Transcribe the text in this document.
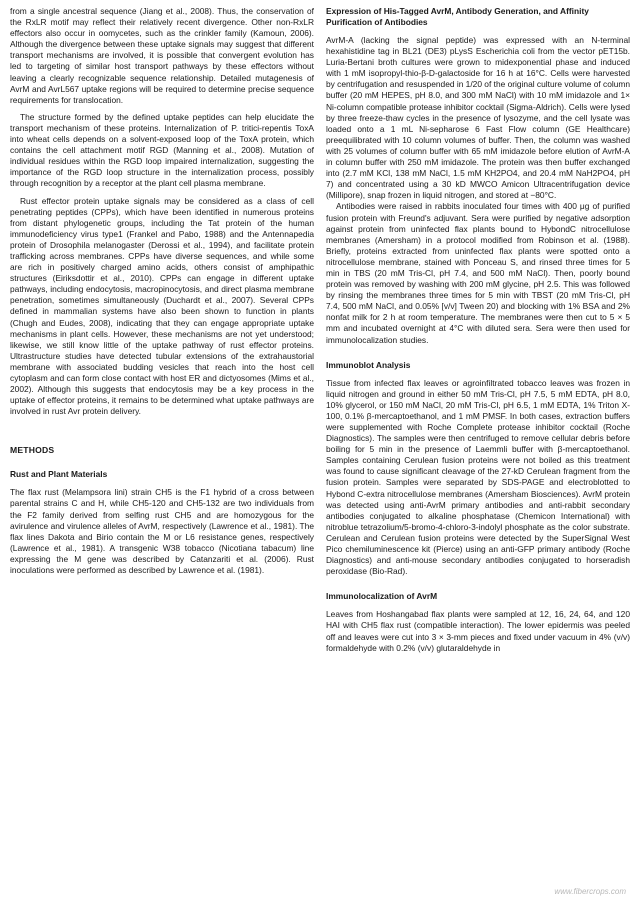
from a single ancestral sequence (Jiang et al., 2008). Thus, the conservation of the RxLR motif may reflect their relatively recent divergence. Other non-RxLR effectors also occur in oomycetes, such as the crinkler family (Kamoun, 2006). Although the divergence between these uptake signals may suggest that different transport mechanisms are involved, it is possible that convergent evolution has led to targeting of similar host transport pathways by these effectors without leaving a clearly recognizable sequence relationship. Detailed mutagenesis of AvrM and AvrL567 uptake regions will be required to determine precise sequence requirements for translocation.

The structure formed by the defined uptake peptides can help elucidate the transport mechanism of these proteins. Internalization of P. tritici-repentis ToxA into wheat cells depends on a solvent-exposed loop of the ToxA protein, which contains the cell attachment motif RGD (Manning et al., 2008). Mutation of individual residues within the RGD loop impaired internalization, suggesting the importance of the RGD loop structure in the internalization process, possibly through recognition by a receptor at the plant cell plasma membrane.

Rust effector protein uptake signals may be considered as a class of cell penetrating peptides (CPPs), which have been identified in numerous proteins from distant phylogenetic groups, including the Tat protein of the human immunodeficiency virus type1 (Frankel and Pabo, 1988) and the Antennapedia protein of Drosophila melanogaster (Derossi et al., 1994), and facilitate protein trafficking across membranes. CPPs have diverse sequences, and while some are rich in positively charged amino acids, others consist of amphipathic structures (Eiriksdottir et al., 2010). CPPs can engage in different uptake pathways, including endocytosis, macropinocytosis, and direct plasma membrane penetration, sometimes simultaneously (Duchardt et al., 2007). Several CPPs defined in mammalian systems have also been shown to function in plants (Chugh and Eudes, 2008), indicating that they can engage appropriate uptake mechanisms in plant cells. However, these mechanisms are not yet understood; likewise, we still know little of the uptake pathway of rust effector proteins. Ultrastructure studies have detected tubular extensions of the extrahaustorial membrane with associated budding vesicles that reach into the host cell cytoplasm and can form close contact with host ER and dictyosomes (Mims et al., 2002). Although this suggests that endocytosis may be a key process in the uptake of effector proteins, it remains to be determined what uptake pathways are involved in rust Avr protein delivery.

METHODS
Rust and Plant Materials

The flax rust (Melampsora lini) strain CH5 is the F1 hybrid of a cross between parental strains C and H, while CH5-120 and CH5-132 are two individuals from the F2 family derived from selfing rust CH5 and are homozygous for the avirulence and virulence alleles of AvrM, respectively (Lawrence et al., 1981). The flax lines Dakota and Birio contain the M or L6 resistance genes, respectively (Lawrence et al., 1981). A transgenic W38 tobacco (Nicotiana tabacum) line expressing the M gene was described by Catanzariti et al. (2006). Rust inoculations were performed as described by Lawrence et al. (1981).

Expression of His-Tagged AvrM, Antibody Generation, and Affinity Purification of Antibodies

AvrM-A (lacking the signal peptide) was expressed with an N-terminal hexahistidine tag in BL21 (DE3) pLysS Escherichia coli from the vector pET15b. Luria-Bertani broth cultures were grown to midexponential phase and induced with 1 mM isopropyl-thio-β-D-galactoside for 16 h at 16°C. Cells were harvested by centrifugation and resuspended in 1/20 of the original culture volume of column buffer (20 mM HEPES, pH 8.0, and 300 mM NaCl) with 10 mM imidazole and 1× Ni-column compatible protease inhibitor cocktail (Sigma-Aldrich). Cells were lysed by three freeze-thaw cycles in the presence of lysozyme, and the cell lysate was loaded onto a 1 mL Ni-sepharose 6 Fast Flow column (GE Healthcare) preequilibrated with 10 column volumes of buffer. Then, the column was washed with 25 volumes of column buffer with 65 mM imidazole before elution of AvrM-A in column buffer with 250 mM imidazole. The protein was then buffer exchanged into (2.7 mM KCl, 138 mM NaCl, 1.5 mM KH2PO4, and 20.4 mM NaH2PO4, pH 7) and concentrated using a 30 kD MWCO Amicon Ultracentrifugation device (Millipore), snap frozen in liquid nitrogen, and stored at −80°C.

Antibodies were raised in rabbits inoculated four times with 400 μg of purified fusion protein with Freund's adjuvant. Sera were purified by negative adsorption against protein from uninfected flax plants bound to HybondC nitrocellulose membranes (Amersham) in a protocol modified from Robinson et al. (1988). Briefly, proteins extracted from uninfected flax plants were spotted onto a nitrocellulose membrane, stained with Ponceau S, and rinsed three times for 5 min in TBS (20 mM Tris-Cl, pH 7.4, and 500 mM NaCl). Then, poorly bound protein was removed by washing with 200 mM glycine, pH 2.5. This was followed by rinsing the membranes three times for 5 min with TBST (20 mM Tris-Cl, pH 7.4, 500 mM NaCl, and 0.05% [v/v] Tween 20) and blocking with 1% BSA and 2% nonfat milk for 2 h at room temperature. The membranes were then cut to 5 × 5 mm and incubated overnight at 4°C with diluted sera. Sera were then used for immunolocalization studies.

Immunoblot Analysis

Tissue from infected flax leaves or agroinfiltrated tobacco leaves was frozen in liquid nitrogen and ground in either 50 mM Tris-Cl, pH 7.5, 5 mM EDTA, pH 8.0, 10% glycerol, or 150 mM NaCl, 20 mM Tris-Cl, pH 6.5, 1 mM EDTA, 1% Triton X-100, 0.1% β-mercaptoethanol, and 1 mM PMSF. In both cases, extraction buffers were supplemented with Roche Complete protease inhibitor cocktail (Roche Diagnostics). The samples were then centrifuged to remove cellular debris before boiling for 5 min in the presence of Laemmli buffer with β-mercaptoethanol. Samples containing Cerulean fusion proteins were not boiled as this treatment was found to cause significant cleavage of the 27-kD Cerulean fragment from the fusion protein. Samples were separated by SDS-PAGE and electroblotted to Hybond C-extra nitrocellulose membranes (Amersham Biosciences). AvrM protein was detected using anti-AvrM primary antibodies and anti-rabbit secondary antibodies conjugated to alkaline phosphatase (Chemicon International) with nitroblue tetrazolium/5-bromo-4-chloro-3-indolyl phosphate as the color substrate. Cerulean and Cerulean fusion proteins were detected by the SuperSignal West Pico chemiluminescence kit (Pierce) using an anti-GFP primary antibody (Roche Diagnostics) and anti-mouse secondary antibodies conjugated to horseradish peroxidase (Bio-Rad).

Immunolocalization of AvrM

Leaves from Hoshangabad flax plants were sampled at 12, 16, 24, 64, and 120 HAI with CH5 flax rust (compatible interaction). The lower epidermis was peeled off and leaves were cut into 3 × 3-mm pieces and fixed under vacuum in 4% (v/v) formaldehyde with 0.2% (v/v) glutaraldehyde in

www.fibercrops.com
